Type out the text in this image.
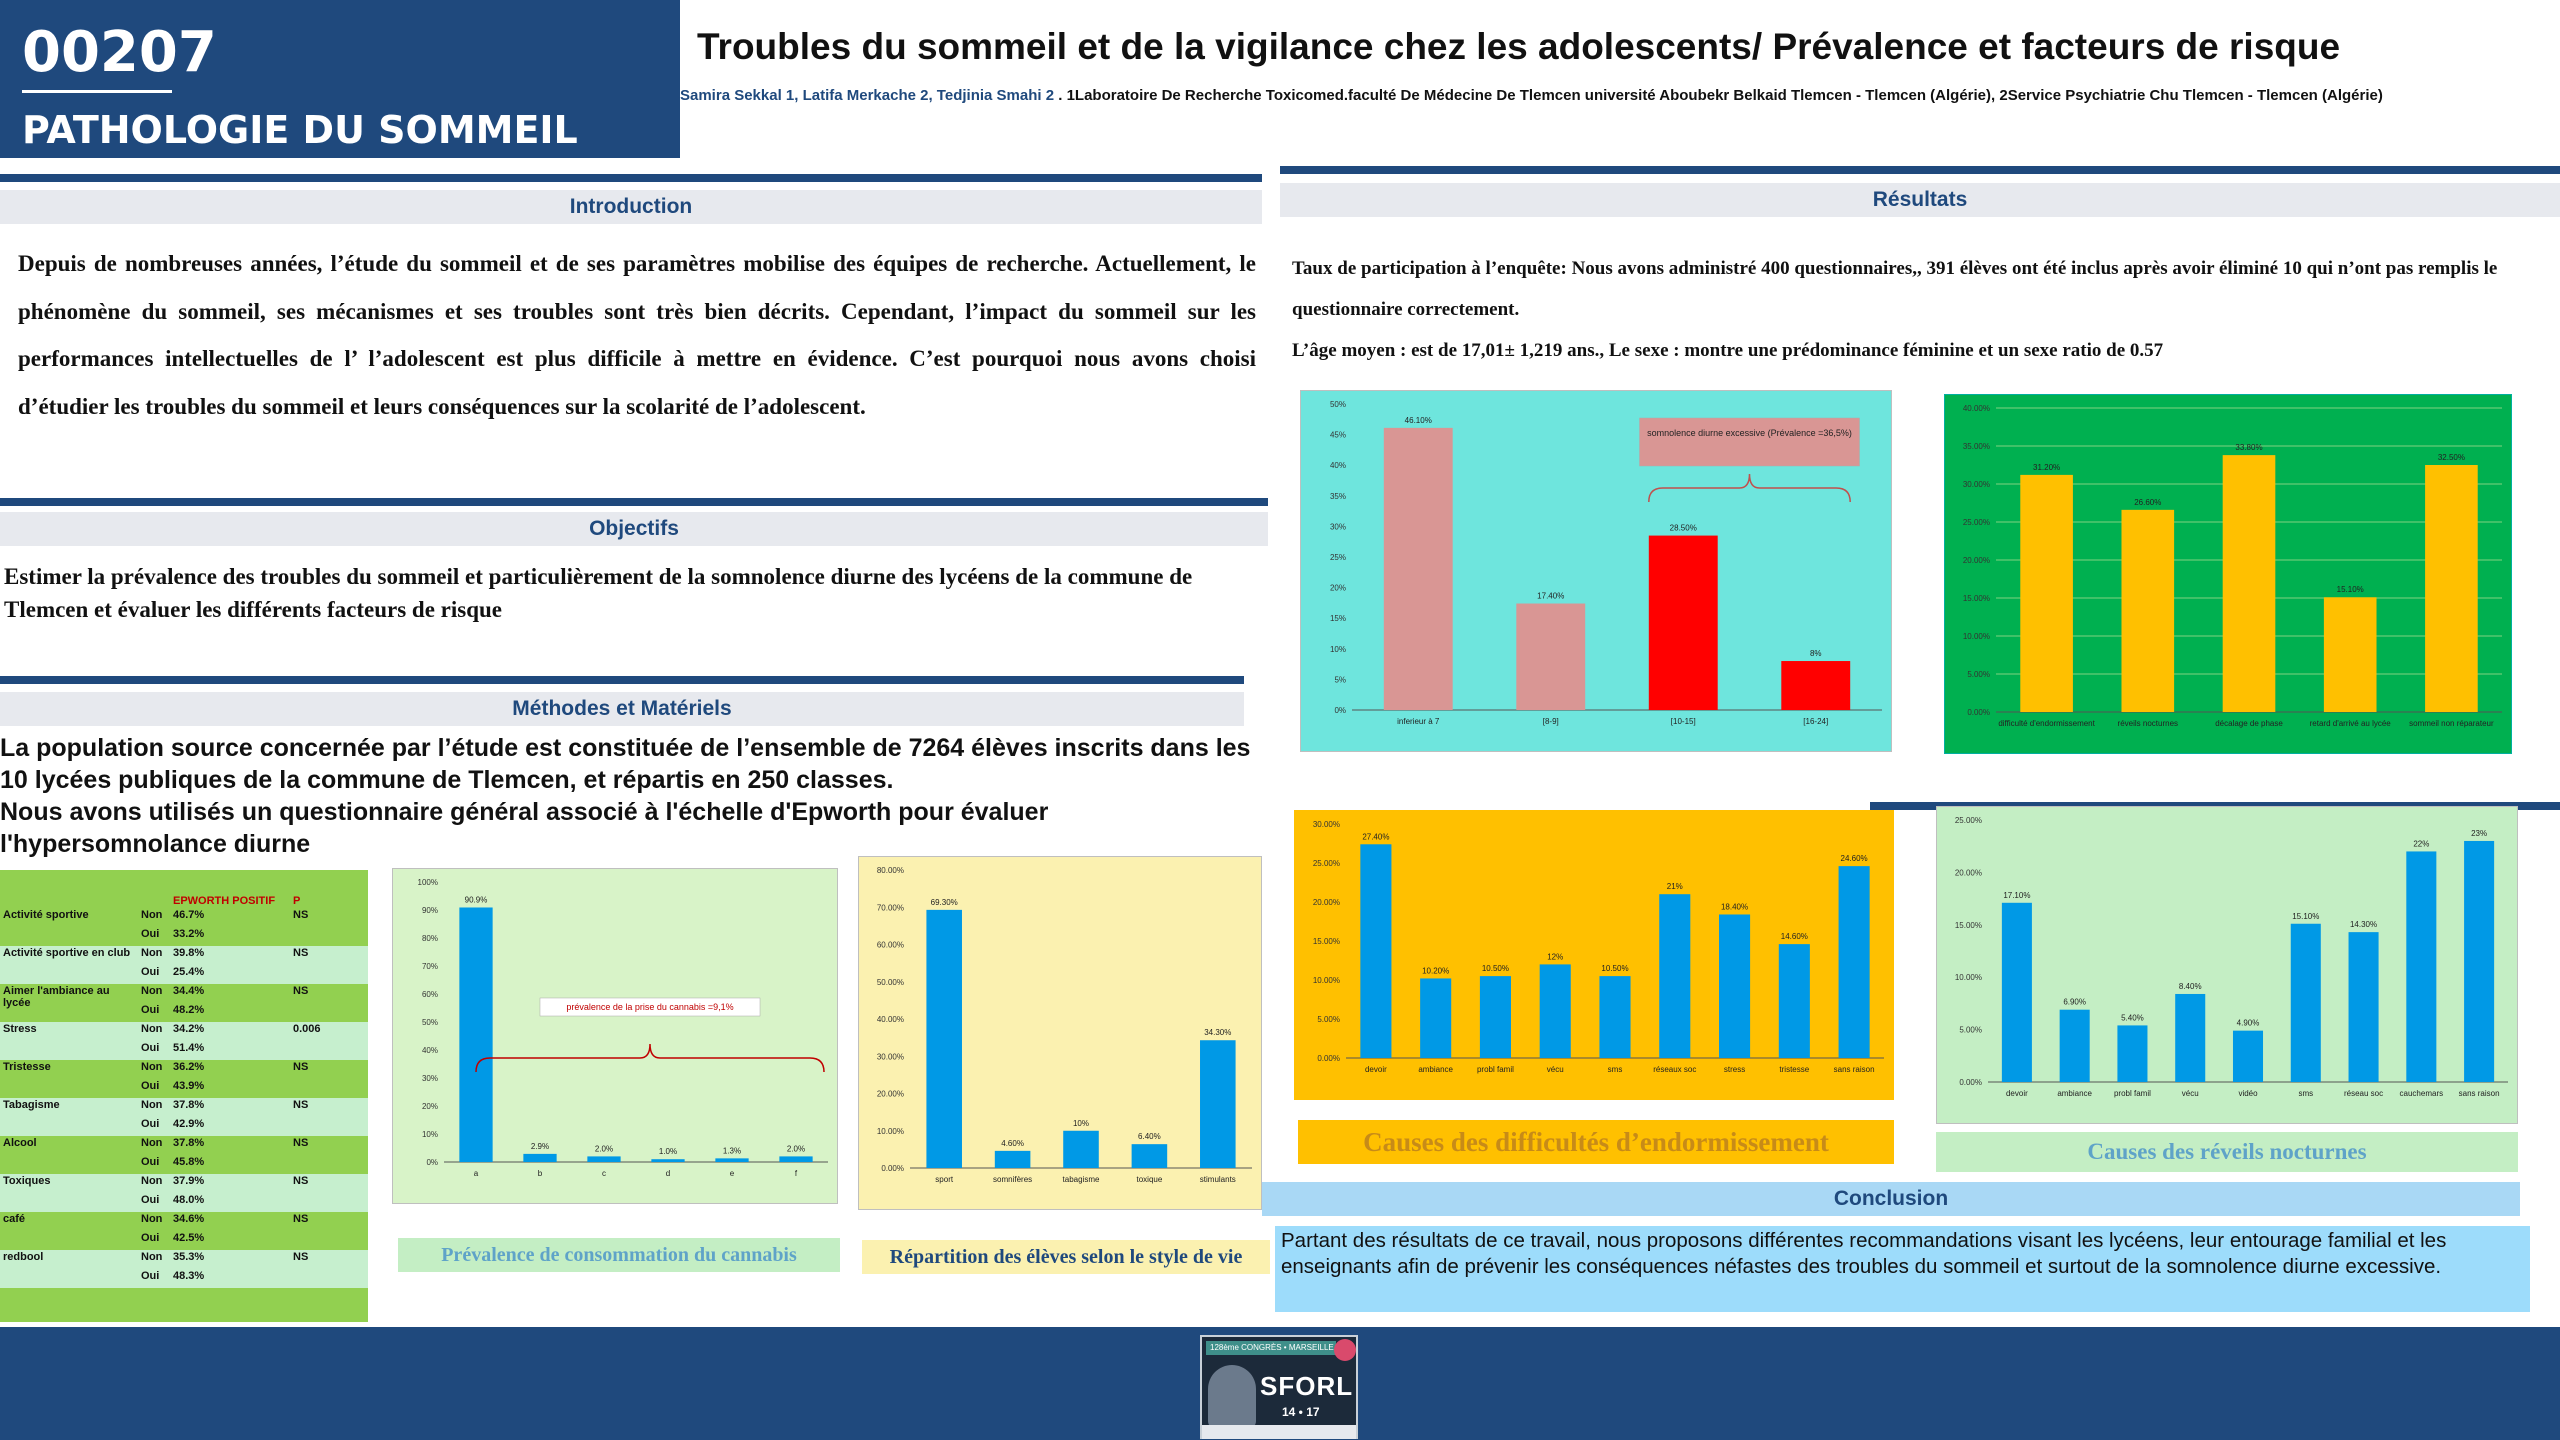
00207
PATHOLOGIE DU SOMMEIL
Troubles du sommeil et de la vigilance chez les adolescents/ Prévalence et facteurs de risque
Samira Sekkal 1, Latifa Merkache 2, Tedjinia Smahi 2 . 1Laboratoire De Recherche Toxicomed.faculté De Médecine De Tlemcen université Aboubekr Belkaid Tlemcen - Tlemcen (Algérie), 2Service Psychiatrie Chu Tlemcen - Tlemcen (Algérie)
Introduction
Depuis de nombreuses années, l’étude du sommeil et de ses paramètres mobilise des équipes de recherche. Actuellement, le phénomène du sommeil, ses mécanismes et ses troubles sont très bien décrits. Cependant, l’impact du sommeil sur les performances intellectuelles de l’ l’adolescent est plus difficile à mettre en évidence. C’est pourquoi nous avons choisi d’étudier les troubles du sommeil et leurs conséquences sur la scolarité de l’adolescent.
Objectifs
Estimer la prévalence des troubles du sommeil et particulièrement de la somnolence diurne des lycéens de la commune de Tlemcen et évaluer les différents facteurs de risque
Méthodes et Matériels
La population source concernée par l’étude est constituée de l’ensemble de 7264 élèves inscrits dans les 10 lycées publiques de la commune de Tlemcen, et répartis en 250 classes.
Nous avons utilisés un questionnaire général associé à l'échelle d'Epworth pour évaluer l'hypersomnolance diurne
Résultats
Taux de participation à l’enquête: Nous avons administré 400 questionnaires,, 391 élèves ont été inclus après avoir éliminé 10 qui n’ont pas remplis le questionnaire correctement.
L’âge moyen : est de 17,01± 1,219 ans., Le sexe : montre une prédominance féminine et un sexe ratio de 0.57
		EPWORTH POSITIF	P
Activité sportive	Non	46.7%	NS
	Oui	33.2%	
Activité sportive en club	Non	39.8%	NS
	Oui	25.4%	
Aimer l'ambiance au lycée	Non	34.4%	NS
	Oui	48.2%	
Stress	Non	34.2%	0.006
	Oui	51.4%	
Tristesse	Non	36.2%	NS
	Oui	43.9%	
Tabagisme	Non	37.8%	NS
	Oui	42.9%	
Alcool	Non	37.8%	NS
	Oui	45.8%	
Toxiques	Non	37.9%	NS
	Oui	48.0%	
café	Non	34.6%	NS
	Oui	42.5%	
redbool	Non	35.3%	NS
	Oui	48.3%	
0%
5%
10%
15%
20%
25%
30%
35%
40%
45%
50%
46.10%
inferieur à 7
17.40%
[8-9]
28.50%
[10-15]
8%
[16-24]
somnolence diurne excessive (Prévalence =36,5%)
0.00%
5.00%
10.00%
15.00%
20.00%
25.00%
30.00%
35.00%
40.00%
31.20%
difficulté d'endormissement
26.60%
réveils nocturnes
33.80%
décalage de phase
15.10%
retard d'arrivé au lycée
32.50%
sommeil non réparateur
0%
10%
20%
30%
40%
50%
60%
70%
80%
90%
100%
90.9%
a
2.9%
b
2.0%
c
1.0%
d
1.3%
e
2.0%
f
prévalence de la prise du cannabis =9,1%
0.00%
10.00%
20.00%
30.00%
40.00%
50.00%
60.00%
70.00%
80.00%
69.30%
sport
4.60%
somnifères
10%
tabagisme
6.40%
toxique
34.30%
stimulants
0.00%
5.00%
10.00%
15.00%
20.00%
25.00%
30.00%
27.40%
devoir
10.20%
ambiance
10.50%
probl famil
12%
vécu
10.50%
sms
21%
réseaux soc
18.40%
stress
14.60%
tristesse
24.60%
sans raison
0.00%
5.00%
10.00%
15.00%
20.00%
25.00%
17.10%
devoir
6.90%
ambiance
5.40%
probl famil
8.40%
vécu
4.90%
vidéo
15.10%
sms
14.30%
réseau soc
22%
cauchemars
23%
sans raison
Prévalence de consommation du cannabis	Répartition des élèves selon le style de vie
Causes des difficultés d’endormissement	Causes des réveils nocturnes
Conclusion
Partant des résultats de ce travail, nous proposons différentes recommandations visant les lycéens, leur entourage familial et les enseignants afin de prévenir les conséquences néfastes des troubles du sommeil et surtout de la somnolence diurne excessive.
128ème CONGRÈS • MARSEILLE
SFORL
14 • 17
